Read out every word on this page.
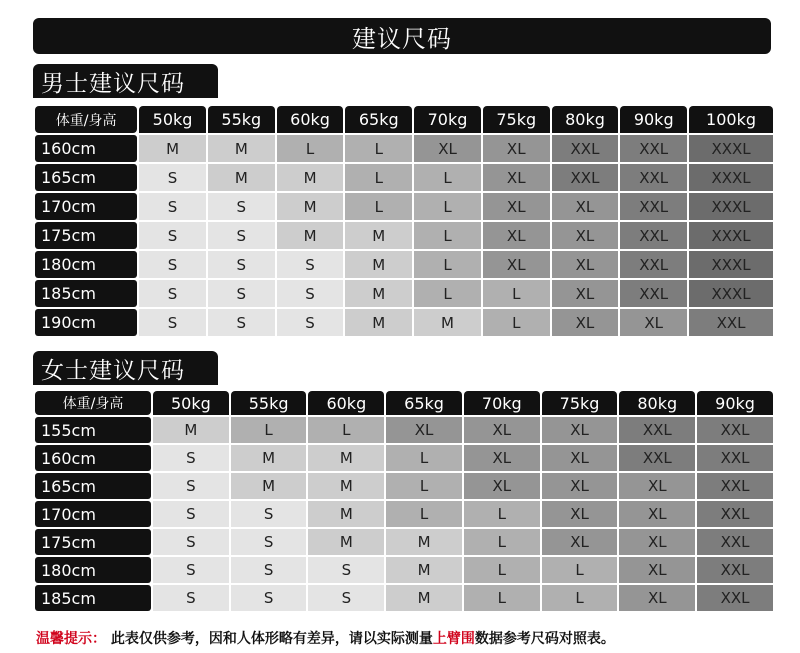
建议尺码
男士建议尺码
体重/身高	50kg	55kg	60kg	65kg	70kg	75kg	80kg	90kg	100kg
160cm	M	M	L	L	XL	XL	XXL	XXL	XXXL
165cm	S	M	M	L	L	XL	XXL	XXL	XXXL
170cm	S	S	M	L	L	XL	XL	XXL	XXXL
175cm	S	S	M	M	L	XL	XL	XXL	XXXL
180cm	S	S	S	M	L	XL	XL	XXL	XXXL
185cm	S	S	S	M	L	L	XL	XXL	XXXL
190cm	S	S	S	M	M	L	XL	XL	XXL
女士建议尺码
体重/身高	50kg	55kg	60kg	65kg	70kg	75kg	80kg	90kg
155cm	M	L	L	XL	XL	XL	XXL	XXL
160cm	S	M	M	L	XL	XL	XXL	XXL
165cm	S	M	M	L	XL	XL	XL	XXL
170cm	S	S	M	L	L	XL	XL	XXL
175cm	S	S	M	M	L	XL	XL	XXL
180cm	S	S	S	M	L	L	XL	XXL
185cm	S	S	S	M	L	L	XL	XXL
温馨提示： 此表仅供参考，因和人体形略有差异，请以实际测量上臂围数据参考尺码对照表。
